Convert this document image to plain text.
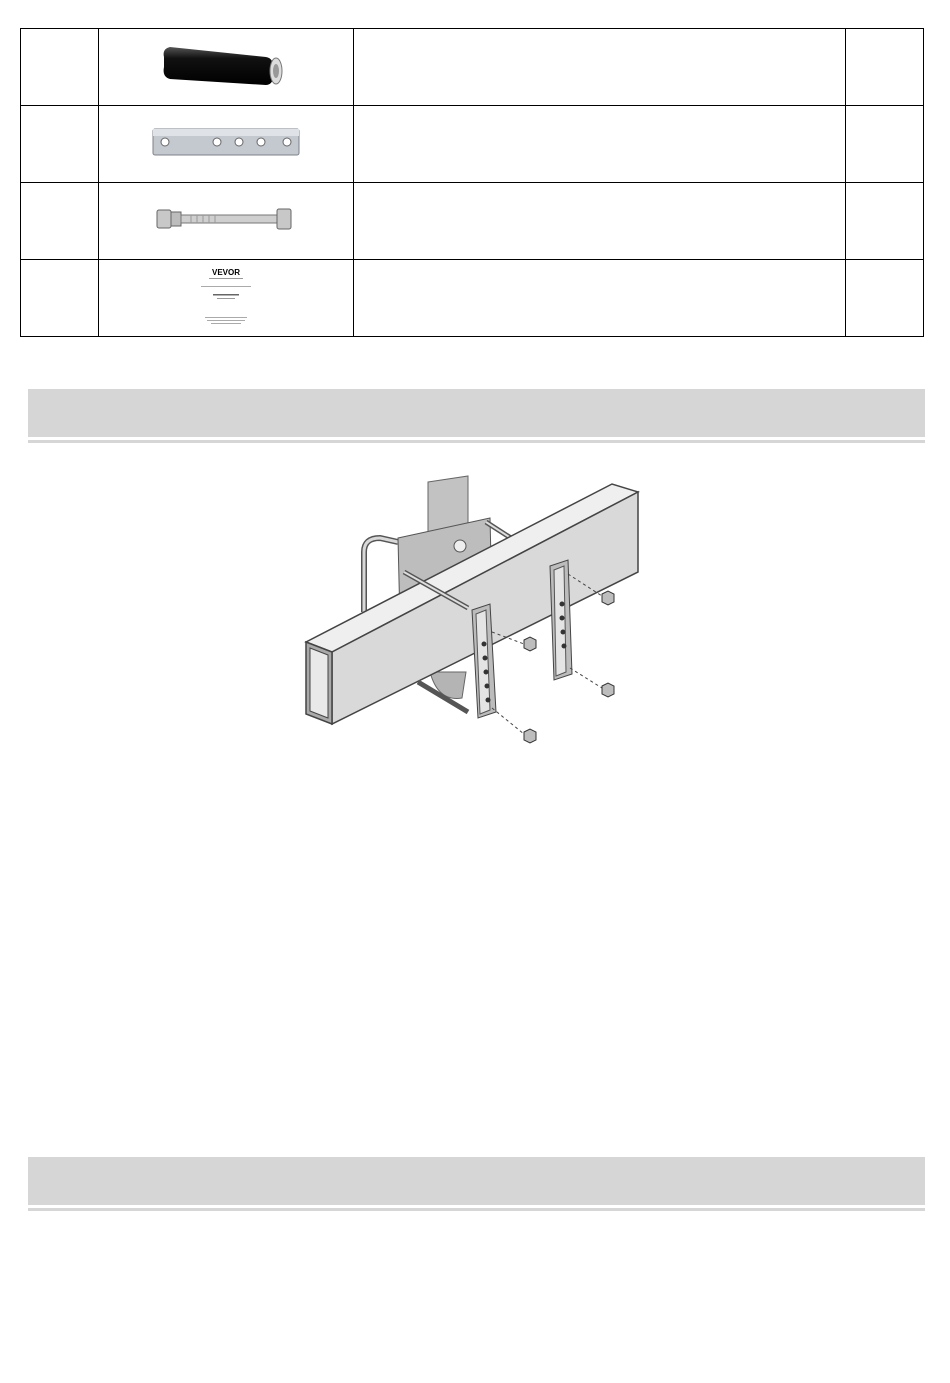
VEVOR		
